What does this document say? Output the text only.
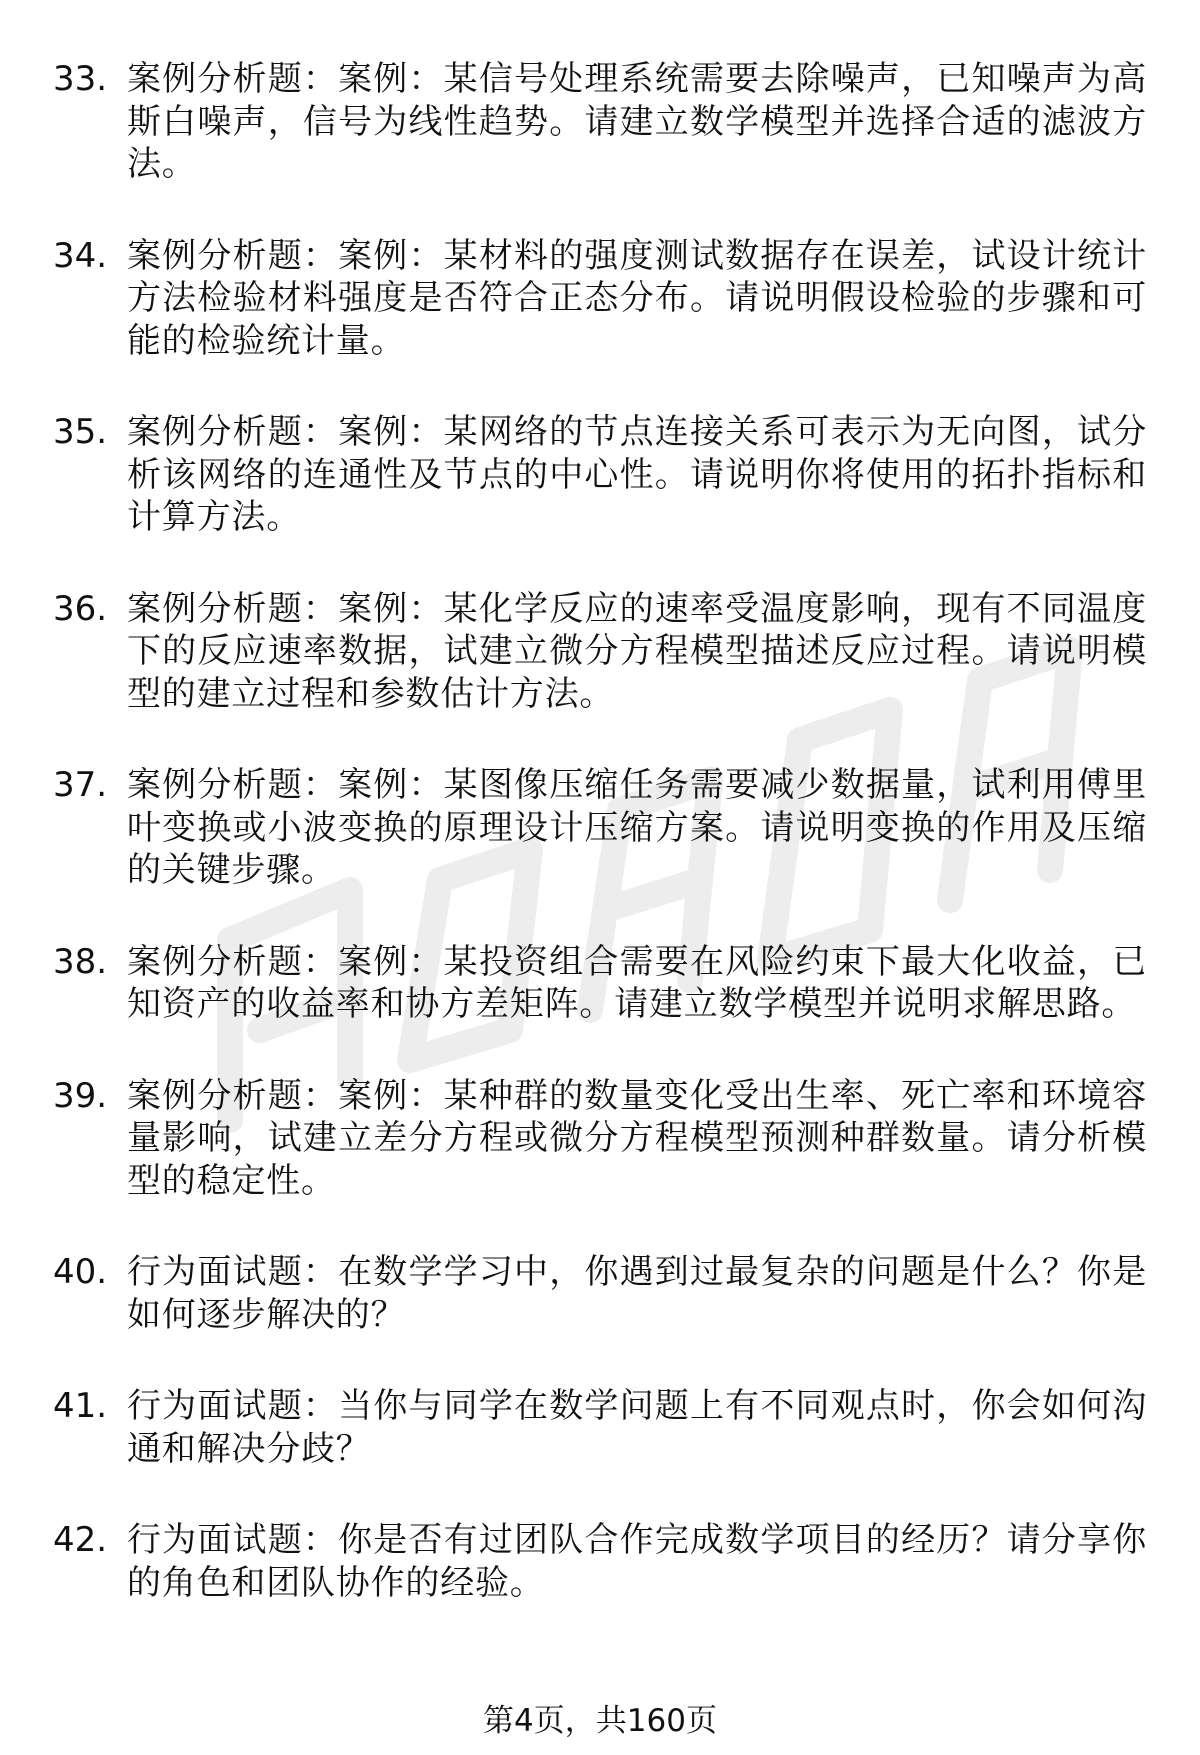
33. 案例分析题：案例：某信号处理系统需要去除噪声，已知噪声为高斯白噪声，信号为线性趋势。请建立数学模型并选择合适的滤波方法。
34. 案例分析题：案例：某材料的强度测试数据存在误差，试设计统计方法检验材料强度是否符合正态分布。请说明假设检验的步骤和可能的检验统计量。
35. 案例分析题：案例：某网络的节点连接关系可表示为无向图，试分析该网络的连通性及节点的中心性。请说明你将使用的拓扑指标和计算方法。
36. 案例分析题：案例：某化学反应的速率受温度影响，现有不同温度下的反应速率数据，试建立微分方程模型描述反应过程。请说明模型的建立过程和参数估计方法。
37. 案例分析题：案例：某图像压缩任务需要减少数据量，试利用傅里叶变换或小波变换的原理设计压缩方案。请说明变换的作用及压缩的关键步骤。
38. 案例分析题：案例：某投资组合需要在风险约束下最大化收益，已知资产的收益率和协方差矩阵。请建立数学模型并说明求解思路。
39. 案例分析题：案例：某种群的数量变化受出生率、死亡率和环境容量影响，试建立差分方程或微分方程模型预测种群数量。请分析模型的稳定性。
40. 行为面试题：在数学学习中，你遇到过最复杂的问题是什么？你是如何逐步解决的？
41. 行为面试题：当你与同学在数学问题上有不同观点时，你会如何沟通和解决分歧？
42. 行为面试题：你是否有过团队合作完成数学项目的经历？请分享你的角色和团队协作的经验。
第4页，共160页
